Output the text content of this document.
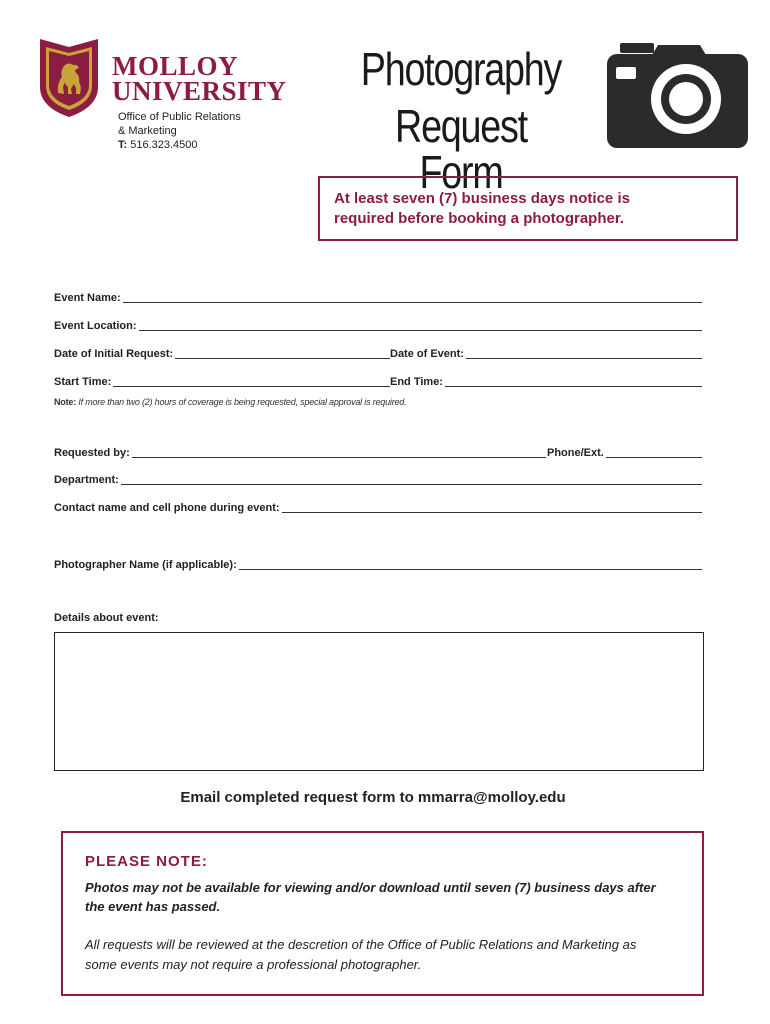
MOLLOY
UNIVERSITY
Office of Public Relations
& Marketing
T: 516.323.4500
Photography
Request Form
At least seven (7) business days notice is
required before booking a photographer.
Event Name:
Event Location:
Date of Initial Request:	Date of Event:
Start Time:	End Time:
Note: If more than two (2) hours of coverage is being requested, special approval is required.
Requested by:	Phone/Ext.
Department:
Contact name and cell phone during event:
Photographer Name (if applicable):
Details about event:
Email completed request form to mmarra@molloy.edu
PLEASE NOTE:
Photos may not be available for viewing and/or download until seven (7) business days after
the event has passed.
All requests will be reviewed at the descretion of the Office of Public Relations and Marketing as
some events may not require a professional photographer.
